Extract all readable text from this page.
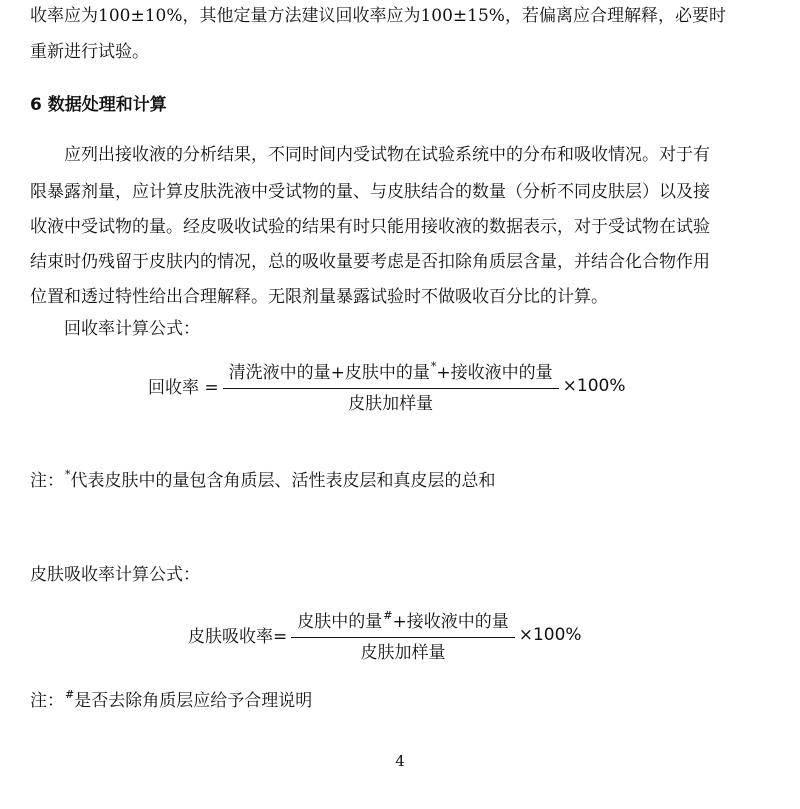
收率应为100±10%，其他定量方法建议回收率应为100±15%，若偏离应合理解释，必要时
重新进行试验。
6 数据处理和计算
　　应列出接收液的分析结果，不同时间内受试物在试验系统中的分布和吸收情况。对于有
限暴露剂量，应计算皮肤洗液中受试物的量、与皮肤结合的数量（分析不同皮肤层）以及接
收液中受试物的量。经皮吸收试验的结果有时只能用接收液的数据表示，对于受试物在试验
结束时仍残留于皮肤内的情况，总的吸收量要考虑是否扣除角质层含量，并结合化合物作用
位置和透过特性给出合理解释。无限剂量暴露试验时不做吸收百分比的计算。
　　回收率计算公式：
回收率 = $\frac{清洗液中的量+皮肤中的量^*+接收液中的量}{\text{皮肤加样量}} \times 100\%$
注：*代表皮肤中的量包含角质层、活性表皮层和真皮层的总和
皮肤吸收率计算公式：
皮肤吸收率= $\frac{皮肤中的量^{\#}+接收液中的量}{\text{皮肤加样量}} \times 100\%$
注：#是否去除角质层应给予合理说明
4
